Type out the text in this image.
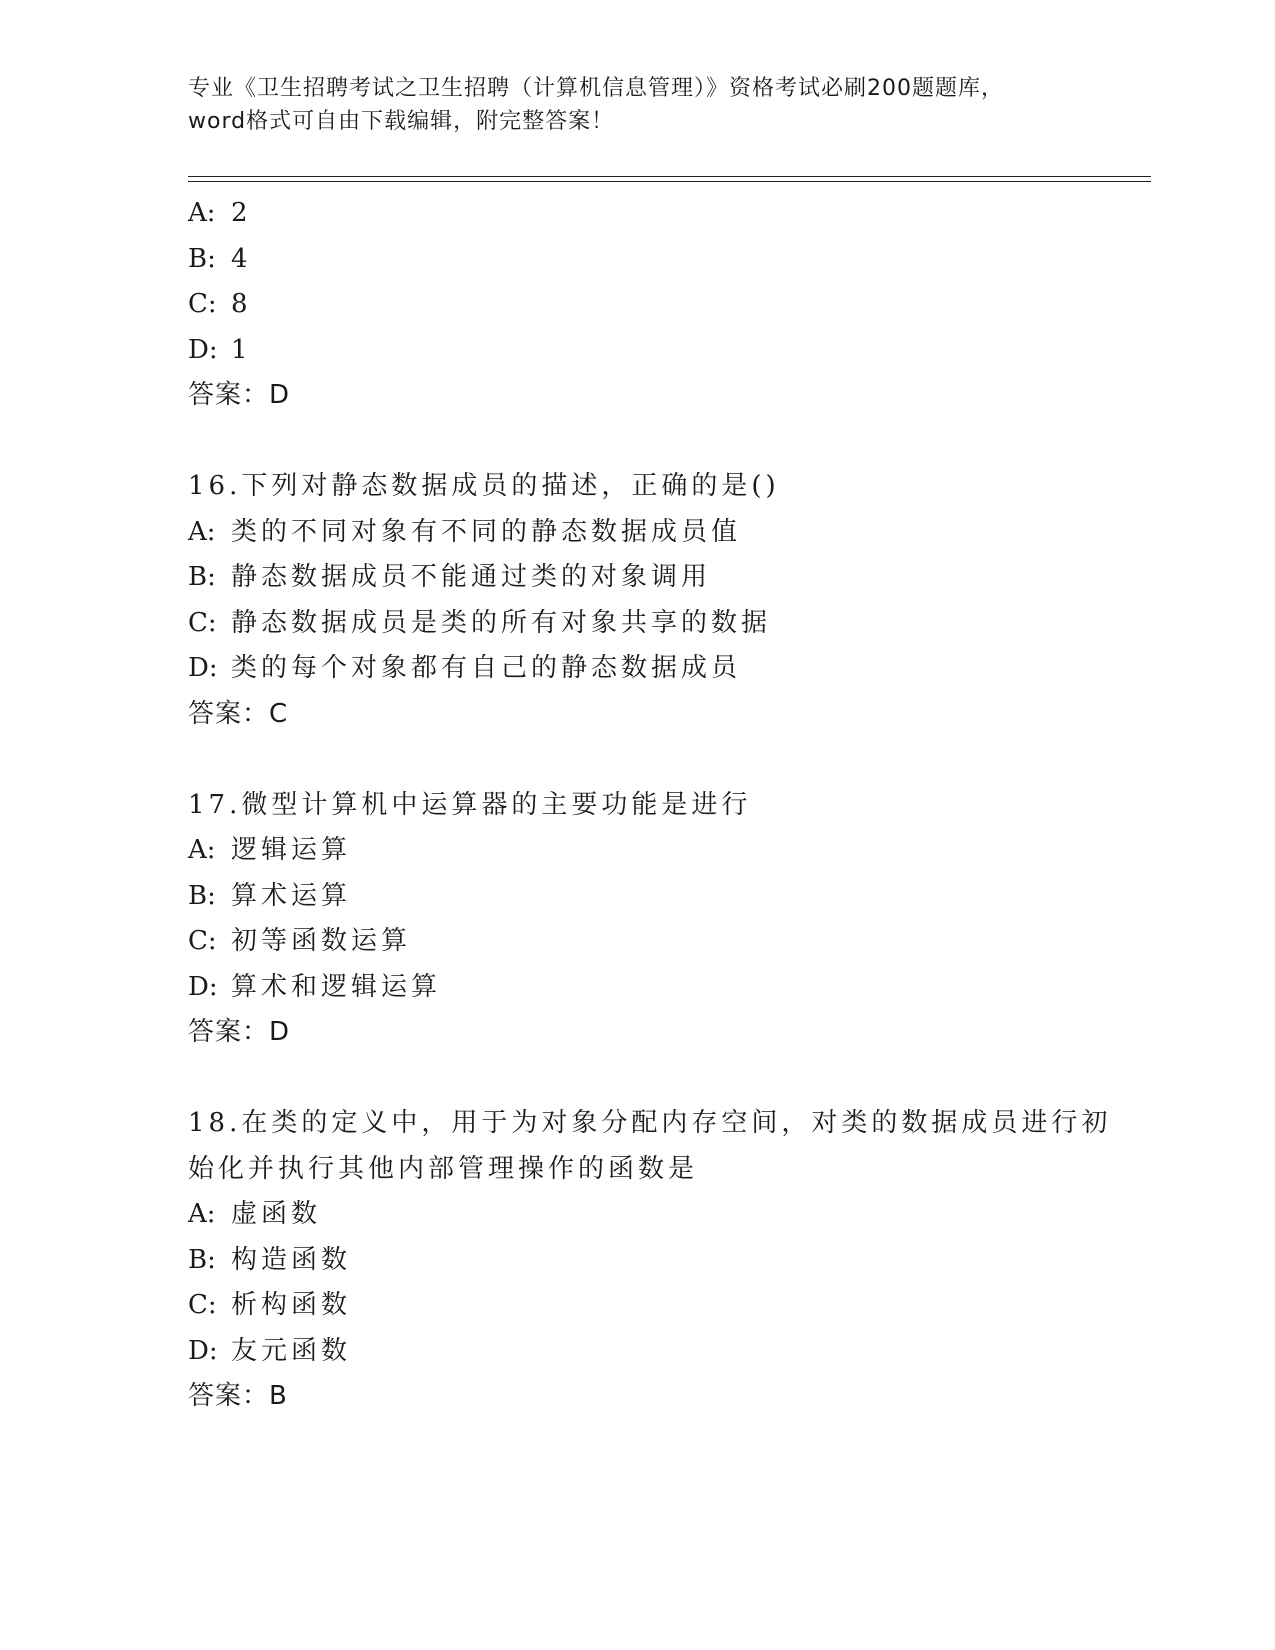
专业《卫生招聘考试之卫生招聘（计算机信息管理）》资格考试必刷200题题库，
word格式可自由下载编辑，附完整答案！
A: 2
B: 4
C: 8
D: 1
答案：D
16.下列对静态数据成员的描述，正确的是()
A: 类的不同对象有不同的静态数据成员值
B: 静态数据成员不能通过类的对象调用
C: 静态数据成员是类的所有对象共享的数据
D: 类的每个对象都有自己的静态数据成员
答案：C
17.微型计算机中运算器的主要功能是进行
A: 逻辑运算
B: 算术运算
C: 初等函数运算
D: 算术和逻辑运算
答案：D
18.在类的定义中，用于为对象分配内存空间，对类的数据成员进行初
始化并执行其他内部管理操作的函数是
A: 虚函数
B: 构造函数
C: 析构函数
D: 友元函数
答案：B
